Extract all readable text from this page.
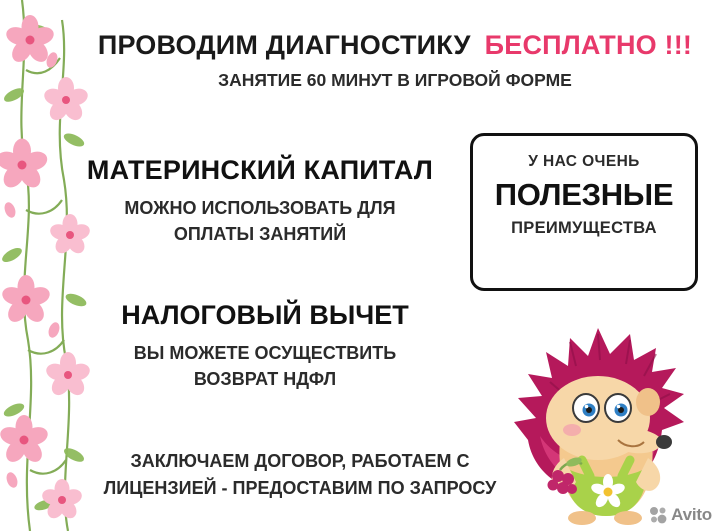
ПРОВОДИМ ДИАГНОСТИКУ БЕСПЛАТНО !!!
ЗАНЯТИЕ 60 МИНУТ В ИГРОВОЙ ФОРМЕ
МАТЕРИНСКИЙ КАПИТАЛ
МОЖНО ИСПОЛЬЗОВАТЬ ДЛЯ
ОПЛАТЫ ЗАНЯТИЙ
НАЛОГОВЫЙ ВЫЧЕТ
ВЫ МОЖЕТЕ ОСУЩЕСТВИТЬ
ВОЗВРАТ НДФЛ
ЗАКЛЮЧАЕМ ДОГОВОР, РАБОТАЕМ С
ЛИЦЕНЗИЕЙ - ПРЕДОСТАВИМ ПО ЗАПРОСУ
У НАС ОЧЕНЬ
ПОЛЕЗНЫЕ
ПРЕИМУЩЕСТВА
Avito
